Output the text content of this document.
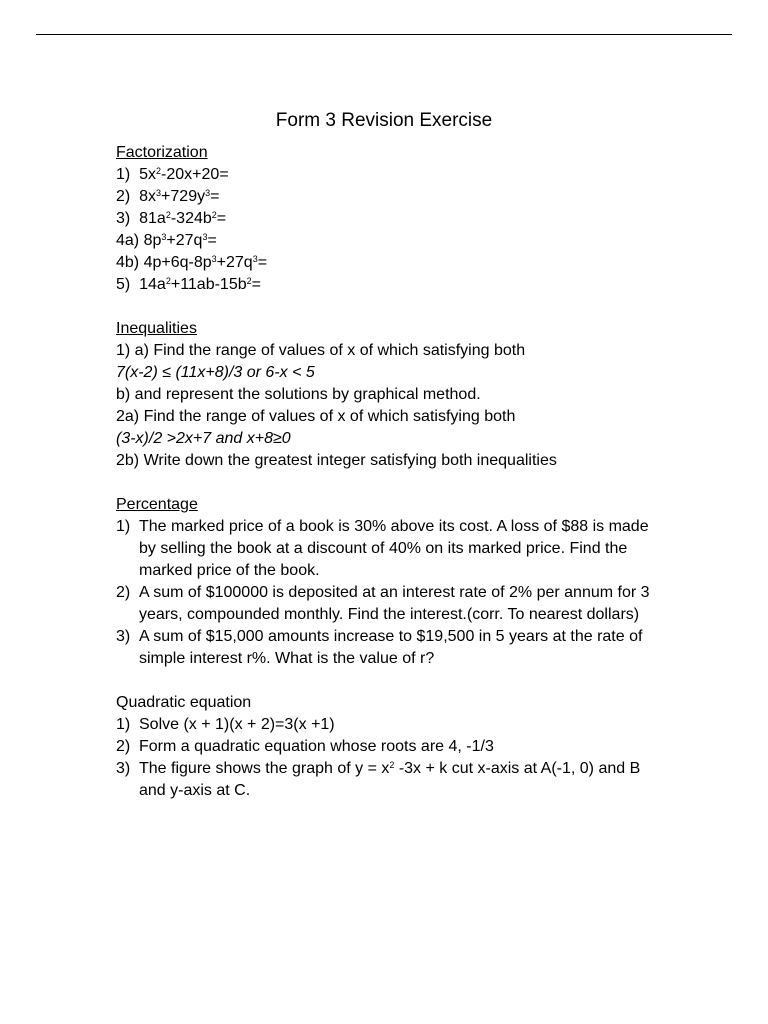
Form 3 Revision Exercise

Factorization

1) $5x^2-20x+20=$

2) $8x^3+729y^3=$

3) $81a^2-324b^2=$

4a) $8p^3+27q^3=$

4b) $4p+6q-8p^3+27q^3=$

5) $14a^2+11ab-15b^2=$

Inequalities

1) a) Find the range of values of x of which satisfying both

7(x-2) ≤ (11x+8)/3 or 6-x < 5

b) and represent the solutions by graphical method.

2a) Find the range of values of x of which satisfying both

(3-x)/2 >2x+7 and x+8≥0

2b) Write down the greatest integer satisfying both inequalities

Percentage

1) The marked price of a book is 30% above its cost. A loss of $88 is made by selling the book at a discount of 40% on its marked price. Find the marked price of the book.
2) A sum of $100000 is deposited at an interest rate of 2% per annum for 3 years, compounded monthly. Find the interest.(corr. To nearest dollars)
3) A sum of $15,000 amounts increase to $19,500 in 5 years at the rate of simple interest r%. What is the value of r?

Quadratic equation

1) Solve (x + 1)(x + 2)=3(x +1)
2) Form a quadratic equation whose roots are 4, -1/3
3) The figure shows the graph of $y = x^2$ -3x + k cut x-axis at A(-1, 0) and B and y-axis at C.
